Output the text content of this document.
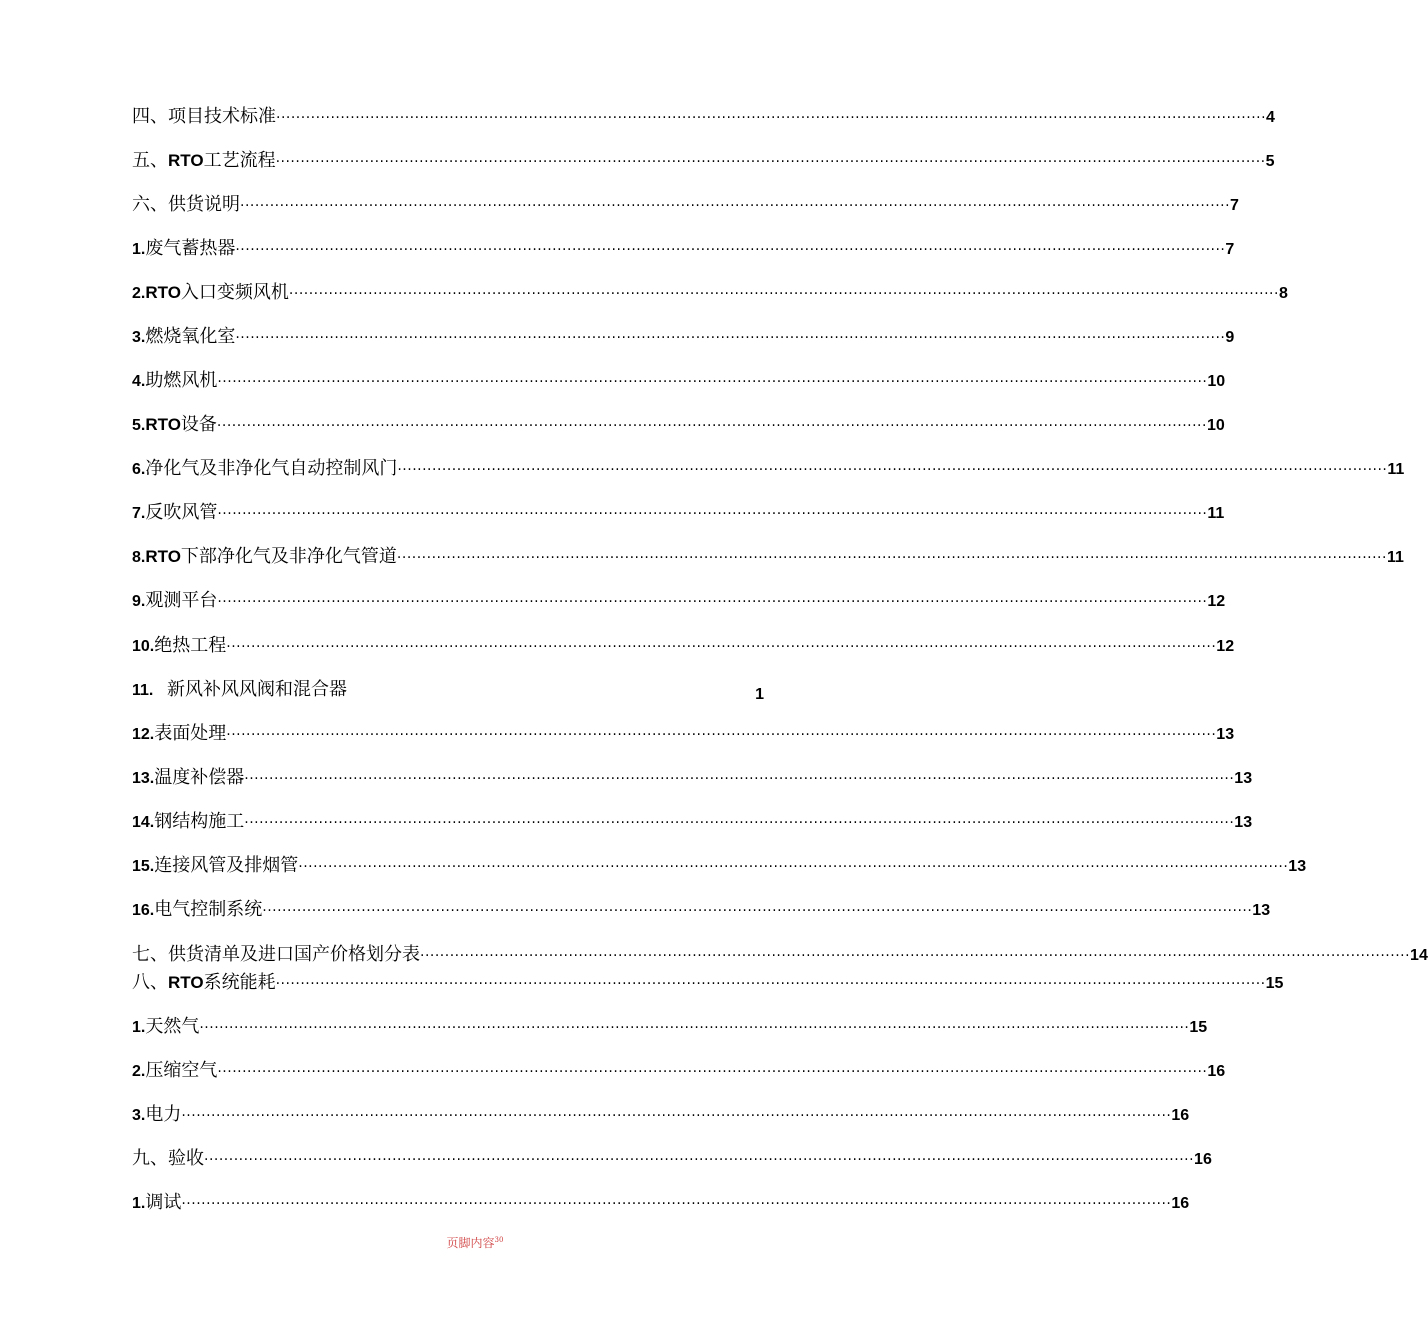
四、项目技术标准 ········································································································································································································ 4
五、RTO工艺流程 ········································································································································································································ 5
六、供货说明 ········································································································································································································ 7
1. 废气蓄热器 ········································································································································································································ 7
2. RTO入口变频风机 ········································································································································································································ 8
3. 燃烧氧化室 ········································································································································································································ 9
4. 助燃风机 ········································································································································································································ 10
5. RTO设备 ········································································································································································································ 10
6. 净化气及非净化气自动控制风门 ········································································································································································································ 11
7. 反吹风管 ········································································································································································································ 11
8. RTO下部净化气及非净化气管道 ········································································································································································································ 11
9. 观测平台 ········································································································································································································ 12
10. 绝热工程 ········································································································································································································ 12
11. 新风补风风阀和混合器	1
12. 表面处理 ········································································································································································································ 13
13. 温度补偿器 ········································································································································································································ 13
14. 钢结构施工 ········································································································································································································ 13
15. 连接风管及排烟管 ········································································································································································································ 13
16. 电气控制系统 ········································································································································································································ 13
七、供货清单及进口国产价格划分表 ········································································································································································································ 14
八、RTO系统能耗 ········································································································································································································ 15
1. 天然气 ········································································································································································································ 15
2. 压缩空气 ········································································································································································································ 16
3. 电力 ········································································································································································································ 16
九、验收 ········································································································································································································ 16
1. 调试 ········································································································································································································ 16
页脚内容$^{30}$
